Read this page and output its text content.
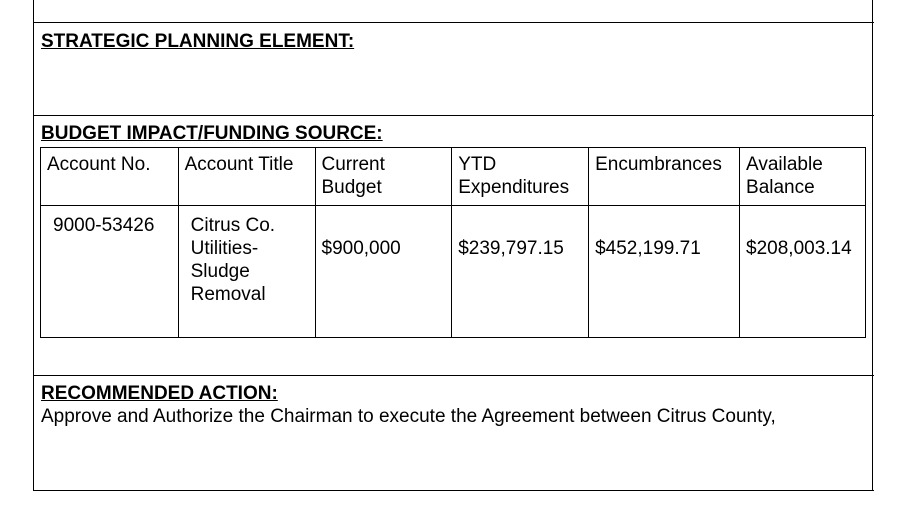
STRATEGIC PLANNING ELEMENT:
BUDGET IMPACT/FUNDING SOURCE:
Account No.	Account Title	Current Budget	YTD Expenditures	Encumbrances	Available Balance
9000-53426	Citrus Co. Utilities-Sludge Removal	$900,000	$239,797.15	$452,199.71	$208,003.14
RECOMMENDED ACTION:
Approve and Authorize the Chairman to execute the Agreement between Citrus County,
